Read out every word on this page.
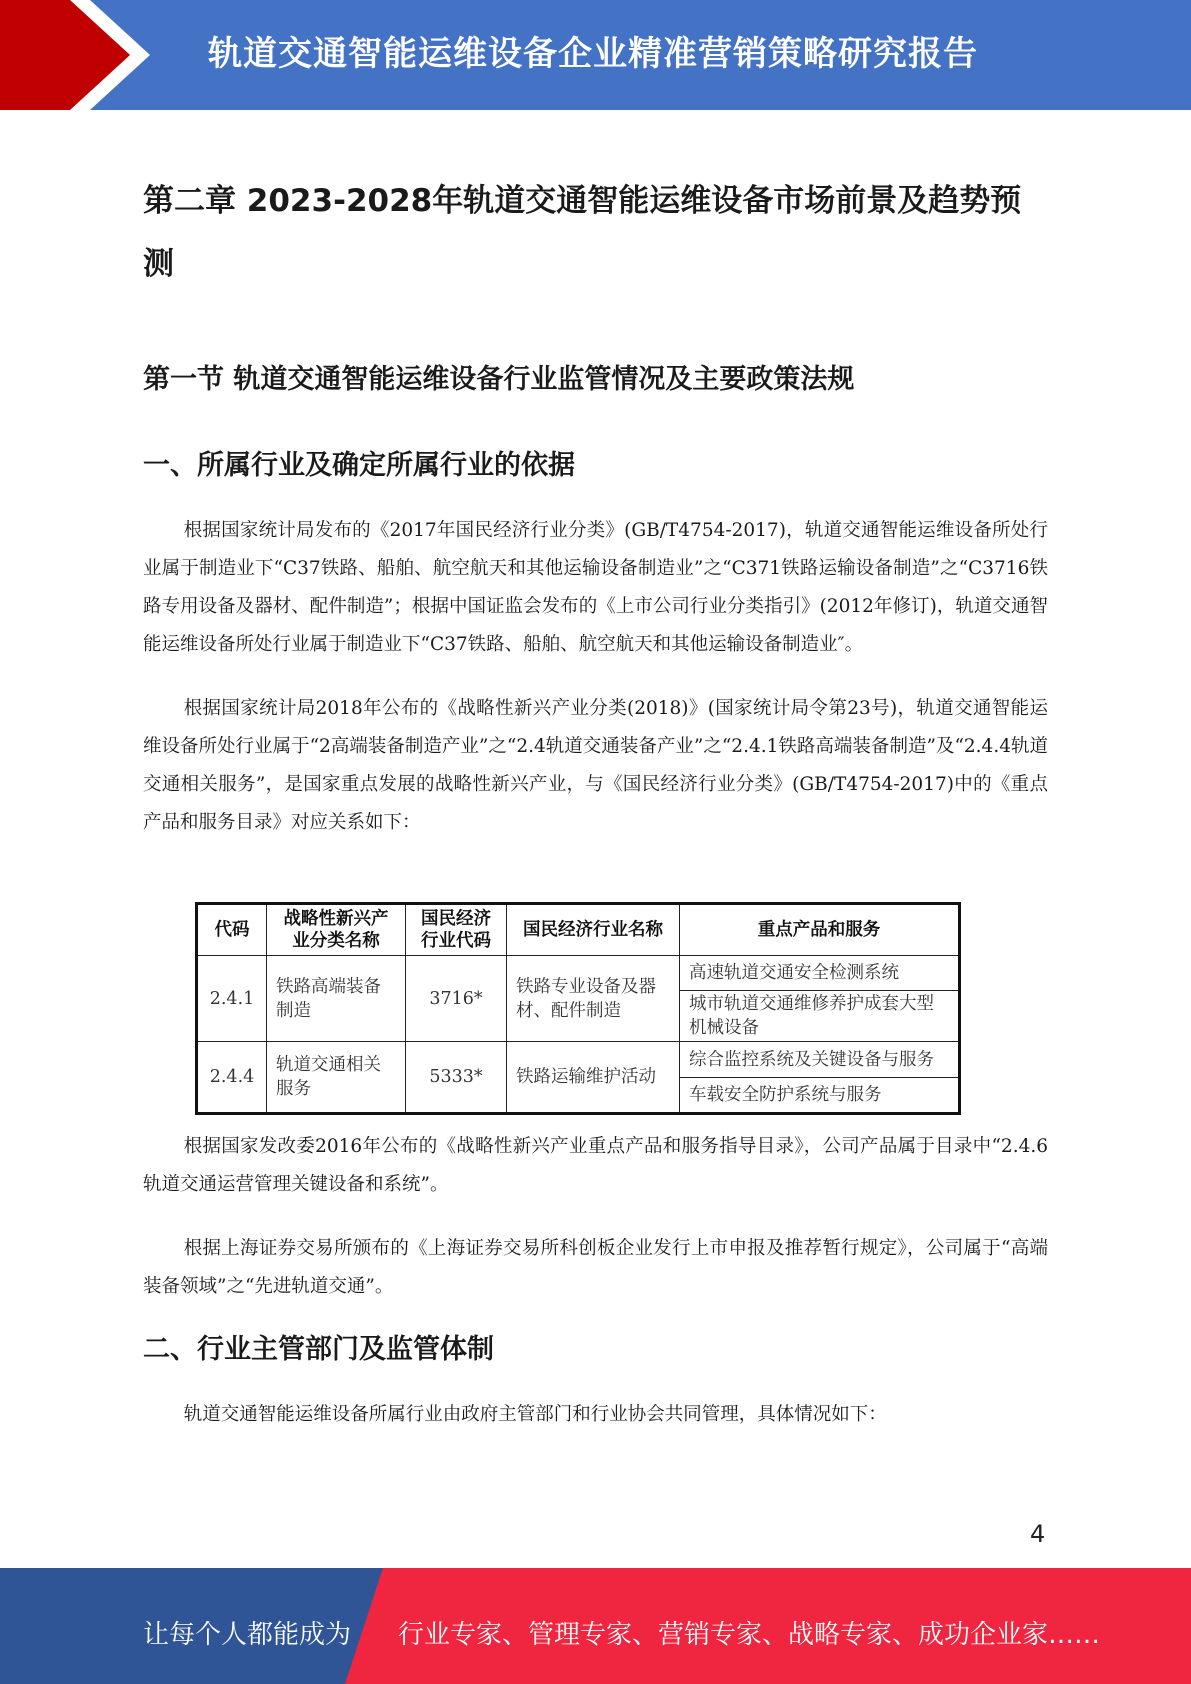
轨道交通智能运维设备企业精准营销策略研究报告
第二章 2023-2028年轨道交通智能运维设备市场前景及趋势预测
第一节 轨道交通智能运维设备行业监管情况及主要政策法规
一、所属行业及确定所属行业的依据

根据国家统计局发布的《2017年国民经济行业分类》(GB/T4754-2017)，轨道交通智能运维设备所处行业属于制造业下“C37铁路、船舶、航空航天和其他运输设备制造业”之“C371铁路运输设备制造”之“C3716铁路专用设备及器材、配件制造”；根据中国证监会发布的《上市公司行业分类指引》(2012年修订)，轨道交通智能运维设备所处行业属于制造业下“C37铁路、船舶、航空航天和其他运输设备制造业″。

根据国家统计局2018年公布的《战略性新兴产业分类(2018)》(国家统计局令第23号)，轨道交通智能运维设备所处行业属于“2高端装备制造产业”之“2.4轨道交通装备产业”之“2.4.1铁路高端装备制造”及“2.4.4轨道交通相关服务”，是国家重点发展的战略性新兴产业，与《国民经济行业分类》(GB/T4754-2017)中的《重点产品和服务目录》对应关系如下：

根据国家发改委2016年公布的《战略性新兴产业重点产品和服务指导目录》，公司产品属于目录中“2.4.6轨道交通运营管理关键设备和系统”。

根据上海证券交易所颁布的《上海证券交易所科创板企业发行上市申报及推荐暂行规定》，公司属于“高端装备领域”之“先进轨道交通”。

二、行业主管部门及监管体制

轨道交通智能运维设备所属行业由政府主管部门和行业协会共同管理，具体情况如下：

代码	战略性新兴产业分类名称	国民经济行业代码	国民经济行业名称	重点产品和服务
2.4.1	铁路高端装备制造	3716*	铁路专业设备及器材、配件制造	高速轨道交通安全检测系统
				城市轨道交通维修养护成套大型机械设备
2.4.4	轨道交通相关服务	5333*	铁路运输维护活动	综合监控系统及关键设备与服务
				车载安全防护系统与服务
4
让每个人都能成为 行业专家、管理专家、营销专家、战略专家、成功企业家……
